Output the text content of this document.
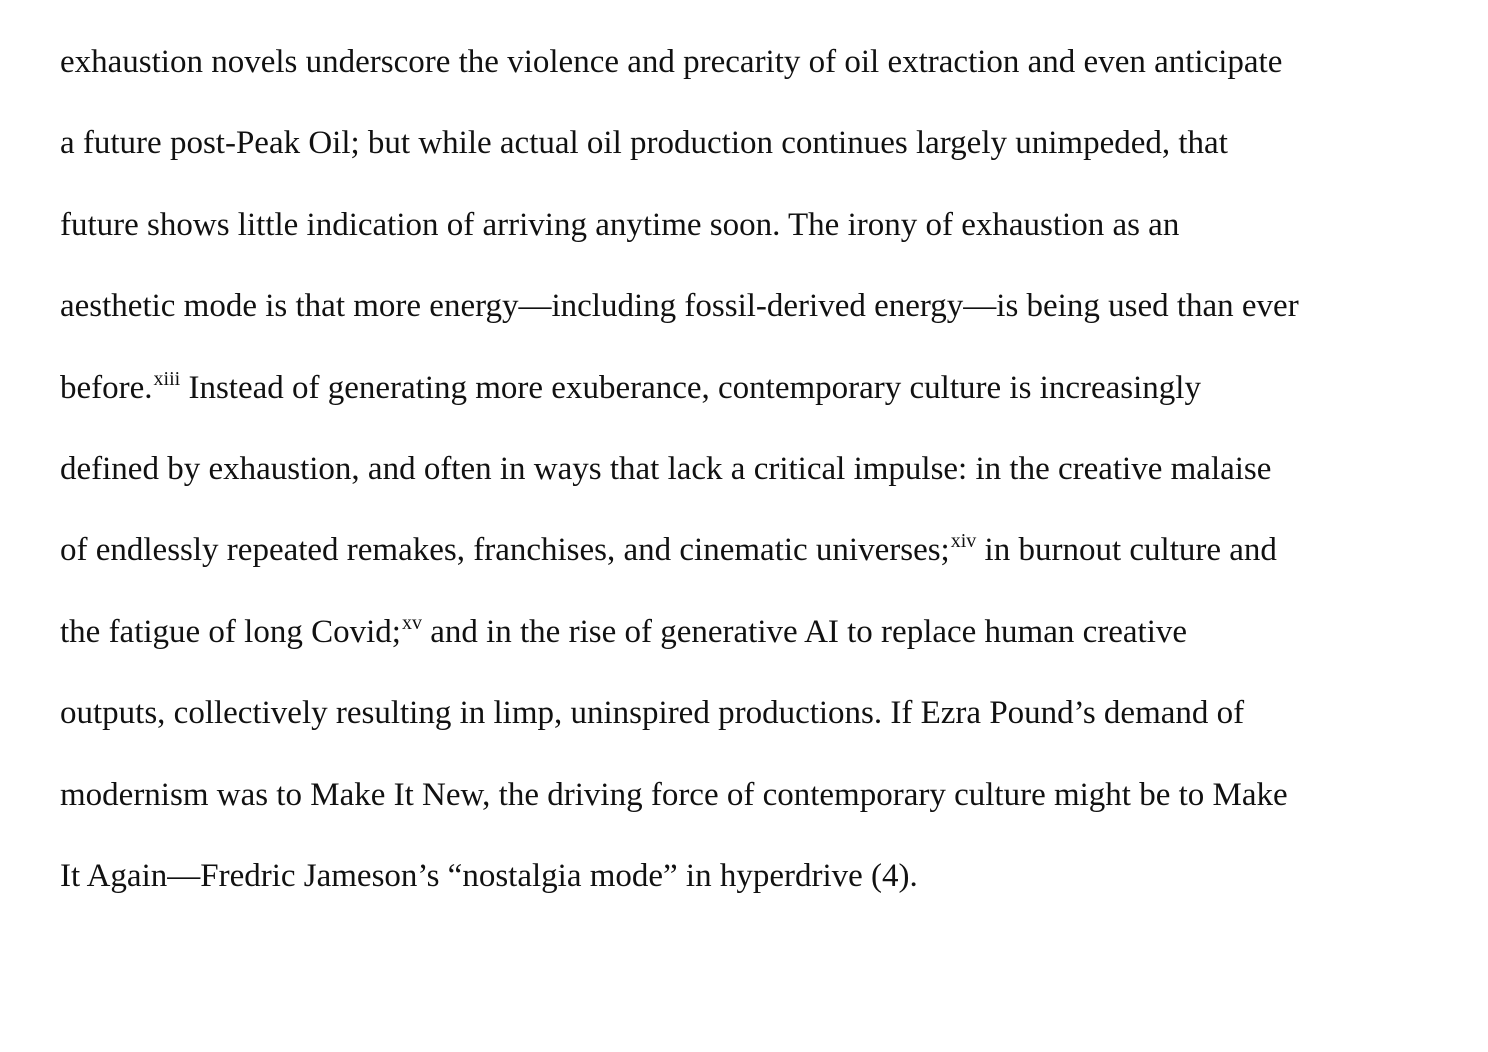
exhaustion novels underscore the violence and precarity of oil extraction and even anticipate
a future post-Peak Oil; but while actual oil production continues largely unimpeded, that
future shows little indication of arriving anytime soon. The irony of exhaustion as an
aesthetic mode is that more energy—including fossil-derived energy—is being used than ever
before.$^{xiii}$ Instead of generating more exuberance, contemporary culture is increasingly
defined by exhaustion, and often in ways that lack a critical impulse: in the creative malaise
of endlessly repeated remakes, franchises, and cinematic universes;$^{xiv}$ in burnout culture and
the fatigue of long Covid;$^{xv}$ and in the rise of generative AI to replace human creative
outputs, collectively resulting in limp, uninspired productions. If Ezra Pound’s demand of
modernism was to Make It New, the driving force of contemporary culture might be to Make
It Again—Fredric Jameson’s “nostalgia mode” in hyperdrive (4).
